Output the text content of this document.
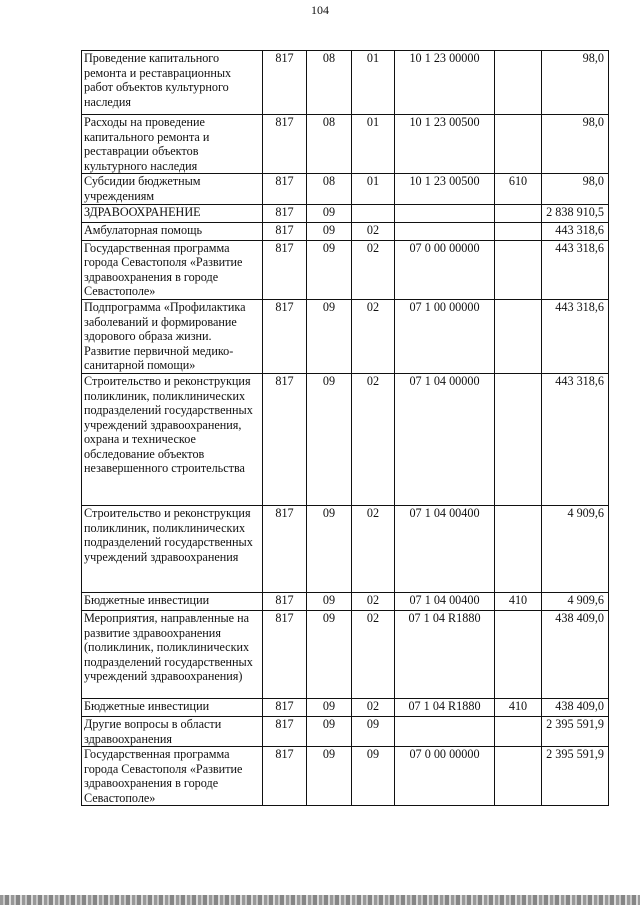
104
Проведение капитального ремонта и реставрационных работ объектов культурного наследия	817	08	01	10 1 23 00000		98,0
Расходы на проведение капитального ремонта и реставрации объектов культурного наследия	817	08	01	10 1 23 00500		98,0
Субсидии бюджетным учреждениям	817	08	01	10 1 23 00500	610	98,0
ЗДРАВООХРАНЕНИЕ	817	09				2 838 910,5
Амбулаторная помощь	817	09	02			443 318,6
Государственная программа города Севастополя «Развитие здравоохранения в городе Севастополе»	817	09	02	07 0 00 00000		443 318,6
Подпрограмма «Профилактика заболеваний и формирование здорового образа жизни. Развитие первичной медико-санитарной помощи»	817	09	02	07 1 00 00000		443 318,6
Строительство и реконструкция поликлиник, поликлинических подразделений государственных учреждений здравоохранения, охрана и техническое обследование объектов незавершенного строительства	817	09	02	07 1 04 00000		443 318,6
Строительство и реконструкция поликлиник, поликлинических подразделений государственных учреждений здравоохранения	817	09	02	07 1 04 00400		4 909,6
Бюджетные инвестиции	817	09	02	07 1 04 00400	410	4 909,6
Мероприятия, направленные на развитие здравоохранения (поликлиник, поликлинических подразделений государственных учреждений здравоохранения)	817	09	02	07 1 04 R1880		438 409,0
Бюджетные инвестиции	817	09	02	07 1 04 R1880	410	438 409,0
Другие вопросы в области здравоохранения	817	09	09			2 395 591,9
Государственная программа города Севастополя «Развитие здравоохранения в городе Севастополе»	817	09	09	07 0 00 00000		2 395 591,9
